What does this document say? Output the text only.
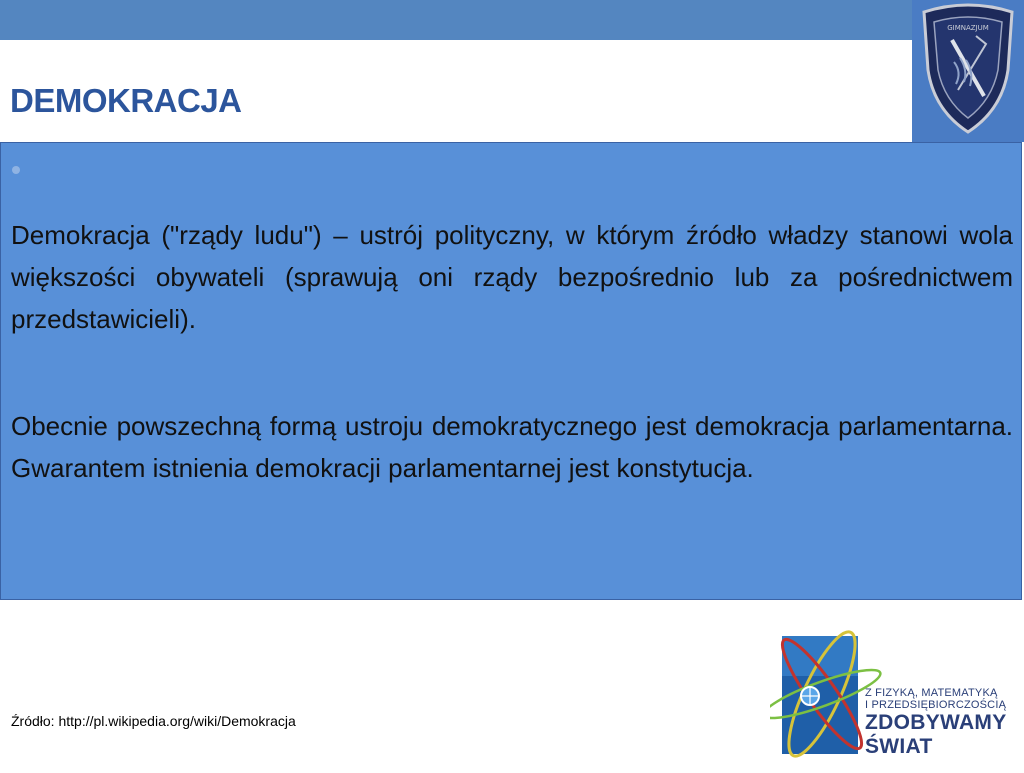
GIMNAZJUM
DEMOKRACJA

Demokracja ("rządy ludu") – ustrój polityczny, w którym źródło władzy stanowi wola większości obywateli (sprawują oni rządy bezpośrednio lub za pośrednictwem przedstawicieli).

Obecnie powszechną formą ustroju demokratycznego jest demokracja parlamentarna. Gwarantem istnienia demokracji parlamentarnej jest konstytucja.

Źródło: http://pl.wikipedia.org/wiki/Demokracja
Z FIZYKĄ, MATEMATYKĄ
I PRZEDSIĘBIORCZOŚCIĄ
ZDOBYWAMY
ŚWIAT
